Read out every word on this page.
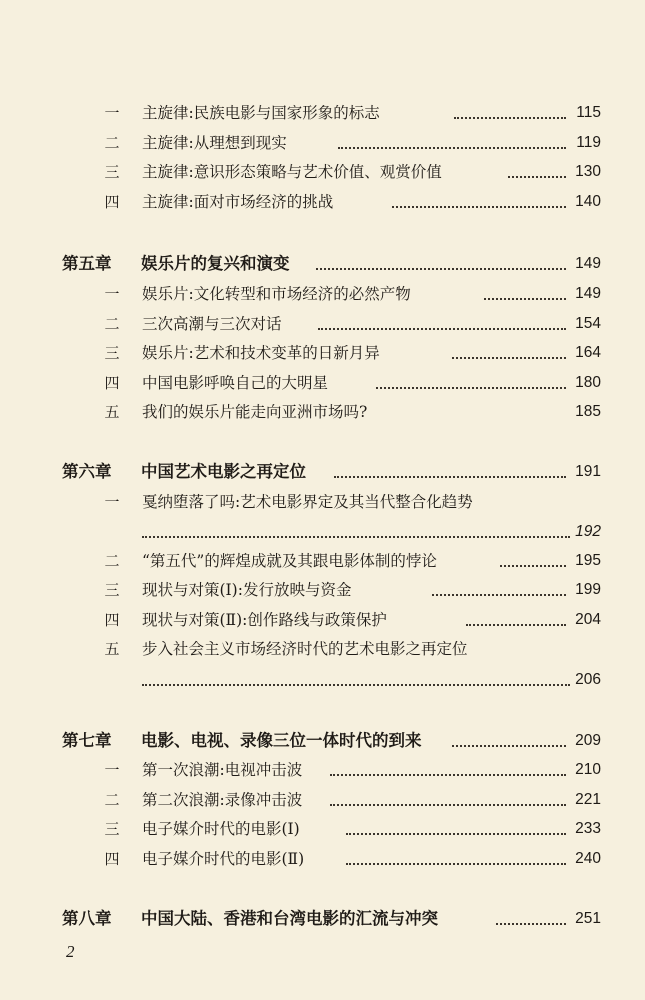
一 主旋律:民族电影与国家形象的标志	115
二 主旋律:从理想到现实	119
三 主旋律:意识形态策略与艺术价值、观赏价值	130
四 主旋律:面对市场经济的挑战	140
第五章 娱乐片的复兴和演变	149
一 娱乐片:文化转型和市场经济的必然产物	149
二 三次高潮与三次对话	154
三 娱乐片:艺术和技术变革的日新月异	164
四 中国电影呼唤自己的大明星	180
五 我们的娱乐片能走向亚洲市场吗?	185
第六章 中国艺术电影之再定位	191
一 戛纳堕落了吗:艺术电影界定及其当代整合化趋势
192
二 “第五代”的辉煌成就及其跟电影体制的悖论	195
三 现状与对策(Ⅰ):发行放映与资金	199
四 现状与对策(Ⅱ):创作路线与政策保护	204
五 步入社会主义市场经济时代的艺术电影之再定位
206
第七章 电影、电视、录像三位一体时代的到来	209
一 第一次浪潮:电视冲击波	210
二 第二次浪潮:录像冲击波	221
三 电子媒介时代的电影(Ⅰ)	233
四 电子媒介时代的电影(Ⅱ)	240
第八章 中国大陆、香港和台湾电影的汇流与冲突	251
2
